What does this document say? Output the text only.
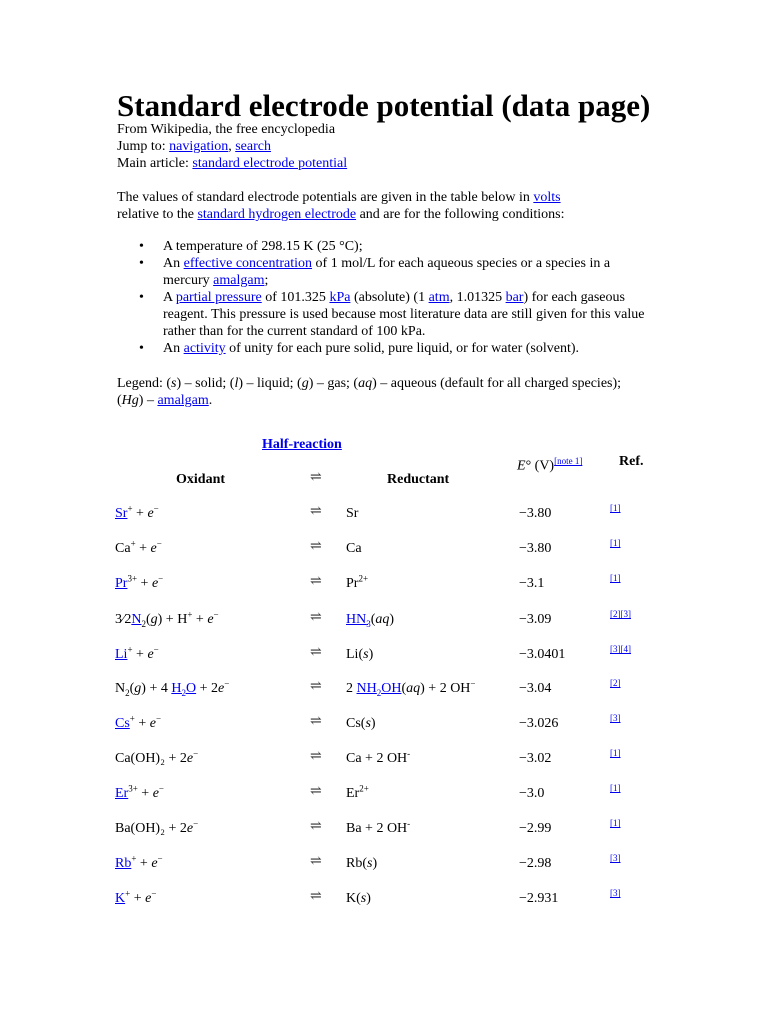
Standard electrode potential (data page)
From Wikipedia, the free encyclopedia
Jump to: navigation, search
Main article: standard electrode potential
The values of standard electrode potentials are given in the table below in volts
relative to the standard hydrogen electrode and are for the following conditions:
• A temperature of 298.15 K (25 °C);
• An effective concentration of 1 mol/L for each aqueous species or a species in a mercury amalgam;
• A partial pressure of 101.325 kPa (absolute) (1 atm, 1.01325 bar) for each gaseous reagent. This pressure is used because most literature data are still given for this value rather than for the current standard of 100 kPa.
• An activity of unity for each pure solid, pure liquid, or for water (solvent).
Legend: (s) – solid; (l) – liquid; (g) – gas; (aq) – aqueous (default for all charged species); (Hg) – amalgam.
Half-reaction
E° (V)[note 1]	Ref.
Oxidant	⇌	Reductant
Sr+ + e−	⇌ Sr	−3.80	[1]
Ca+ + e−	⇌ Ca	−3.80	[1]
$Pr^{3+} + e^-$	⇌ $Pr^{2+}$	−3.1	[1]
$3⁄2N_2(g) + H^+ + e^-$	⇌ $HN_3(aq)$	−3.09	[2][3]
Li+ + e−	⇌ Li(s)	−3.0401	[3][4]
$N_2(g) + 4$ $H_2O + 2e^-$	⇌ 2 $NH_2OH(aq) + 2$ OH−	−3.04	[2]
Cs+ + e−	⇌ Cs(s)	−3.026	[3]
Ca(OH)₂ + 2e−	⇌ Ca + 2 OH-	−3.02	[1]
$Er^{3+} + e^-$	⇌ $Er^{2+}$	−3.0	[1]
Ba(OH)₂ + 2e−	⇌ Ba + 2 OH-	−2.99	[1]
Rb+ + e−	⇌ Rb(s)	−2.98	[3]
K+ + e−	⇌ K(s)	−2.931	[3]
